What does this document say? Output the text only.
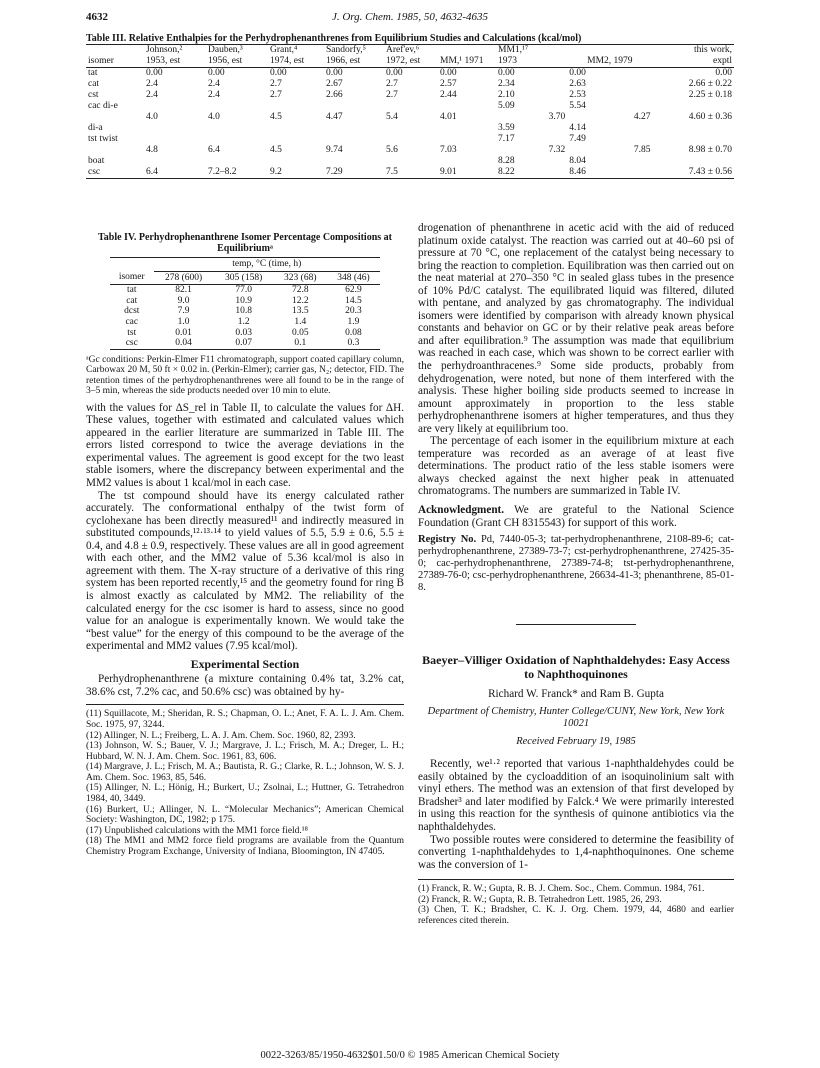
4632	J. Org. Chem. 1985, 50, 4632-4635
Table III. Relative Enthalpies for the Perhydrophenanthrenes from Equilibrium Studies and Calculations (kcal/mol)
	Johnson,²	Dauben,³	Grant,⁴	Sandorfy,⁵	Aref'ev,⁶		MM1,¹⁷				this work,
isomer	1953, est	1956, est	1974, est	1966, est	1972, est	MM,¹ 1971	1973		MM2, 1979		exptl
tat	0.00	0.00	0.00	0.00	0.00	0.00	0.00		0.00		0.00
cat	2.4	2.4	2.7	2.67	2.7	2.57	2.34		2.63		2.66 ± 0.22
cst	2.4	2.4	2.7	2.66	2.7	2.44	2.10		2.53		2.25 ± 0.18
cac di-e							5.09		5.54		
	4.0	4.0	4.5	4.47	5.4	4.01		3.70		4.27	4.60 ± 0.36
di-a							3.59		4.14		
tst twist							7.17		7.49		
	4.8	6.4	4.5	9.74	5.6	7.03		7.32		7.85	8.98 ± 0.70
boat							8.28		8.04		
csc	6.4	7.2–8.2	9.2	7.29	7.5	9.01	8.22		8.46		7.43 ± 0.56
Table IV. Perhydrophenanthrene Isomer Percentage Compositions at Equilibriumᵃ
	temp, °C (time, h)			
isomer	278 (600)	305 (158)	323 (68)	348 (46)
tat	82.1	77.0	72.8	62.9
cat	9.0	10.9	12.2	14.5
dcst	7.9	10.8	13.5	20.3
cac	1.0	1.2	1.4	1.9
tst	0.01	0.03	0.05	0.08
csc	0.04	0.07	0.1	0.3

ᵃGc conditions: Perkin-Elmer F11 chromatograph, support coated capillary column, Carbowax 20 M, 50 ft × 0.02 in. (Perkin-Elmer); carrier gas, N₂; detector, FID. The retention times of the perhydrophenanthrenes were all found to be in the range of 3–5 min, whereas the side products needed over 10 min to elute.

with the values for ΔS_rel in Table II, to calculate the values for ΔH. These values, together with estimated and calculated values which appeared in the earlier literature are summarized in Table III. The errors listed correspond to twice the average deviations in the experimental values. The agreement is good except for the two least stable isomers, where the discrepancy between experimental and the MM2 values is about 1 kcal/mol in each case.

The tst compound should have its energy calculated rather accurately. The conformational enthalpy of the twist form of cyclohexane has been directly measured¹¹ and indirectly measured in substituted compounds,¹²·¹³·¹⁴ to yield values of 5.5, 5.9 ± 0.6, 5.5 ± 0.4, and 4.8 ± 0.9, respectively. These values are all in good agreement with each other, and the MM2 value of 5.36 kcal/mol is also in agreement with them. The X-ray structure of a derivative of this ring system has been reported recently,¹⁵ and the geometry found for ring B is almost exactly as calculated by MM2. The reliability of the calculated energy for the csc isomer is hard to assess, since no good value for an analogue is experimentally known. We would take the “best value” for the energy of this compound to be the average of the experimental and MM2 values (7.95 kcal/mol).

Experimental Section

Perhydrophenanthrene (a mixture containing 0.4% tat, 3.2% cat, 38.6% cst, 7.2% cac, and 50.6% csc) was obtained by hy-

(11) Squillacote, M.; Sheridan, R. S.; Chapman, O. L.; Anet, F. A. L. J. Am. Chem. Soc. 1975, 97, 3244.

(12) Allinger, N. L.; Freiberg, L. A. J. Am. Chem. Soc. 1960, 82, 2393.

(13) Johnson, W. S.; Bauer, V. J.; Margrave, J. L.; Frisch, M. A.; Dreger, L. H.; Hubbard, W. N. J. Am. Chem. Soc. 1961, 83, 606.

(14) Margrave, J. L.; Frisch, M. A.; Bautista, R. G.; Clarke, R. L.; Johnson, W. S. J. Am. Chem. Soc. 1963, 85, 546.

(15) Allinger, N. L.; Hönig, H.; Burkert, U.; Zsolnai, L.; Huttner, G. Tetrahedron 1984, 40, 3449.

(16) Burkert, U.; Allinger, N. L. “Molecular Mechanics”; American Chemical Society: Washington, DC, 1982; p 175.

(17) Unpublished calculations with the MM1 force field.¹⁸

(18) The MM1 and MM2 force field programs are available from the Quantum Chemistry Program Exchange, University of Indiana, Bloomington, IN 47405.

drogenation of phenanthrene in acetic acid with the aid of reduced platinum oxide catalyst. The reaction was carried out at 40–60 psi of pressure at 70 °C, one replacement of the catalyst being necessary to bring the reaction to completion. Equilibration was then carried out on the neat material at 270–350 °C in sealed glass tubes in the presence of 10% Pd/C catalyst. The equilibrated liquid was filtered, diluted with pentane, and analyzed by gas chromatography. The individual isomers were identified by comparison with already known physical constants and behavior on GC or by their relative peak areas before and after equilibration.⁹ The assumption was made that equilibrium was reached in each case, which was shown to be correct earlier with the perhydroanthracenes.⁹ Some side products, probably from dehydrogenation, were noted, but none of them interfered with the analysis. These higher boiling side products seemed to increase in amount approximately in proportion to the less stable perhydrophenanthrene isomers at higher temperatures, and thus they are very likely at equilibrium too.

The percentage of each isomer in the equilibrium mixture at each temperature was recorded as an average of at least five determinations. The product ratio of the less stable isomers were always checked against the next higher peak in attenuated chromatograms. The numbers are summarized in Table IV.

Acknowledgment. We are grateful to the National Science Foundation (Grant CH 8315543) for support of this work.

Registry No. Pd, 7440-05-3; tat-perhydrophenanthrene, 2108-89-6; cat-perhydrophenanthrene, 27389-73-7; cst-perhydrophenanthrene, 27425-35-0; cac-perhydrophenanthrene, 27389-74-8; tst-perhydrophenanthrene, 27389-76-0; csc-perhydrophenanthrene, 26634-41-3; phenanthrene, 85-01-8.

Baeyer–Villiger Oxidation of Naphthaldehydes: Easy Access to Naphthoquinones
Richard W. Franck* and Ram B. Gupta
Department of Chemistry, Hunter College/CUNY, New York, New York 10021
Received February 19, 1985

Recently, we¹·² reported that various 1-naphthaldehydes could be easily obtained by the cycloaddition of an isoquinolinium salt with vinyl ethers. The method was an extension of that first developed by Bradsher³ and later modified by Falck.⁴ We were primarily interested in using this reaction for the synthesis of quinone antibiotics via the naphthaldehydes.

Two possible routes were considered to determine the feasibility of converting 1-naphthaldehydes to 1,4-naphthoquinones. One scheme was the conversion of 1-

(1) Franck, R. W.; Gupta, R. B. J. Chem. Soc., Chem. Commun. 1984, 761.

(2) Franck, R. W.; Gupta, R. B. Tetrahedron Lett. 1985, 26, 293.

(3) Chen, T. K.; Bradsher, C. K. J. Org. Chem. 1979, 44, 4680 and earlier references cited therein.

0022-3263/85/1950-4632$01.50/0 © 1985 American Chemical Society
